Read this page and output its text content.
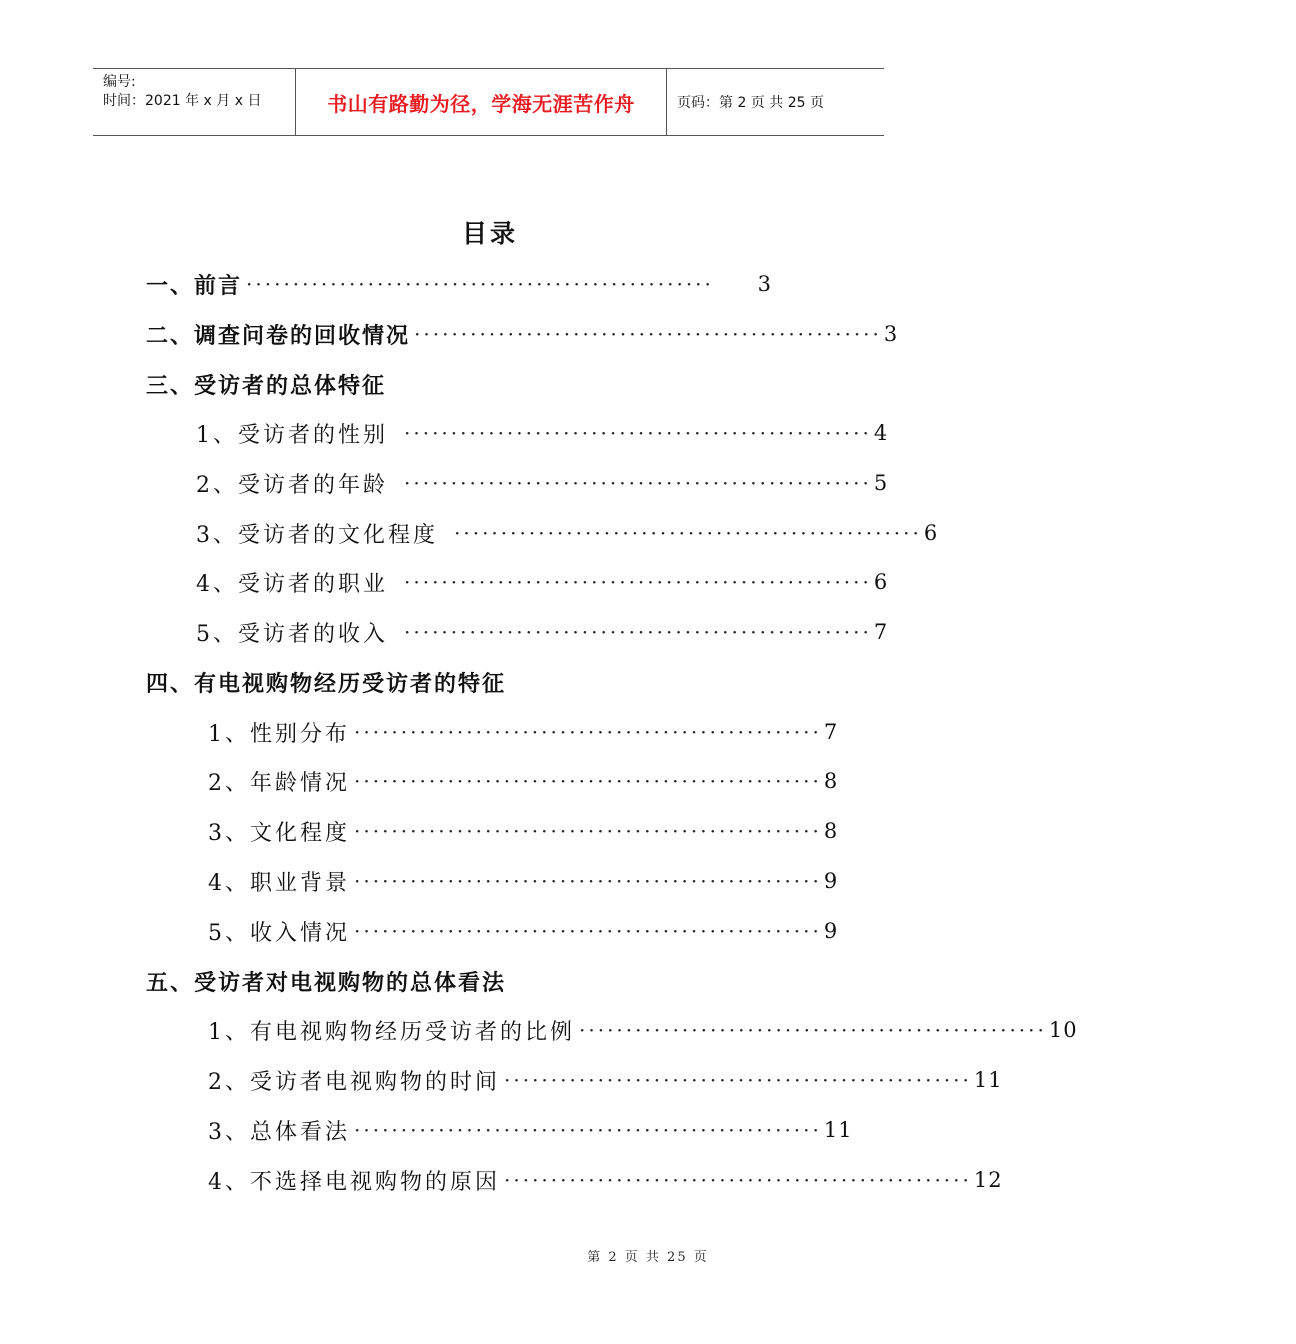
编号:
时间：2021 年 x 月 x 日	书山有路勤为径，学海无涯苦作舟	页码：第 2 页 共 25 页
目录
一、前言 ··················································	3
二、调查问卷的回收情况 ·················································· 3
三、受访者的总体特征
1、受访者的性别 ·················································· 4
2、受访者的年龄 ·················································· 5
3、受访者的文化程度 ·················································· 6
4、受访者的职业 ·················································· 6
5、受访者的收入 ·················································· 7
四、有电视购物经历受访者的特征
1、性别分布 ·················································· 7
2、年龄情况 ·················································· 8
3、文化程度 ·················································· 8
4、职业背景 ·················································· 9
5、收入情况 ·················································· 9
五、受访者对电视购物的总体看法
1、有电视购物经历受访者的比例 ·················································· 10
2、受访者电视购物的时间 ·················································· 11
3、总体看法 ·················································· 11
4、不选择电视购物的原因 ·················································· 12
第 2 页 共 25 页
